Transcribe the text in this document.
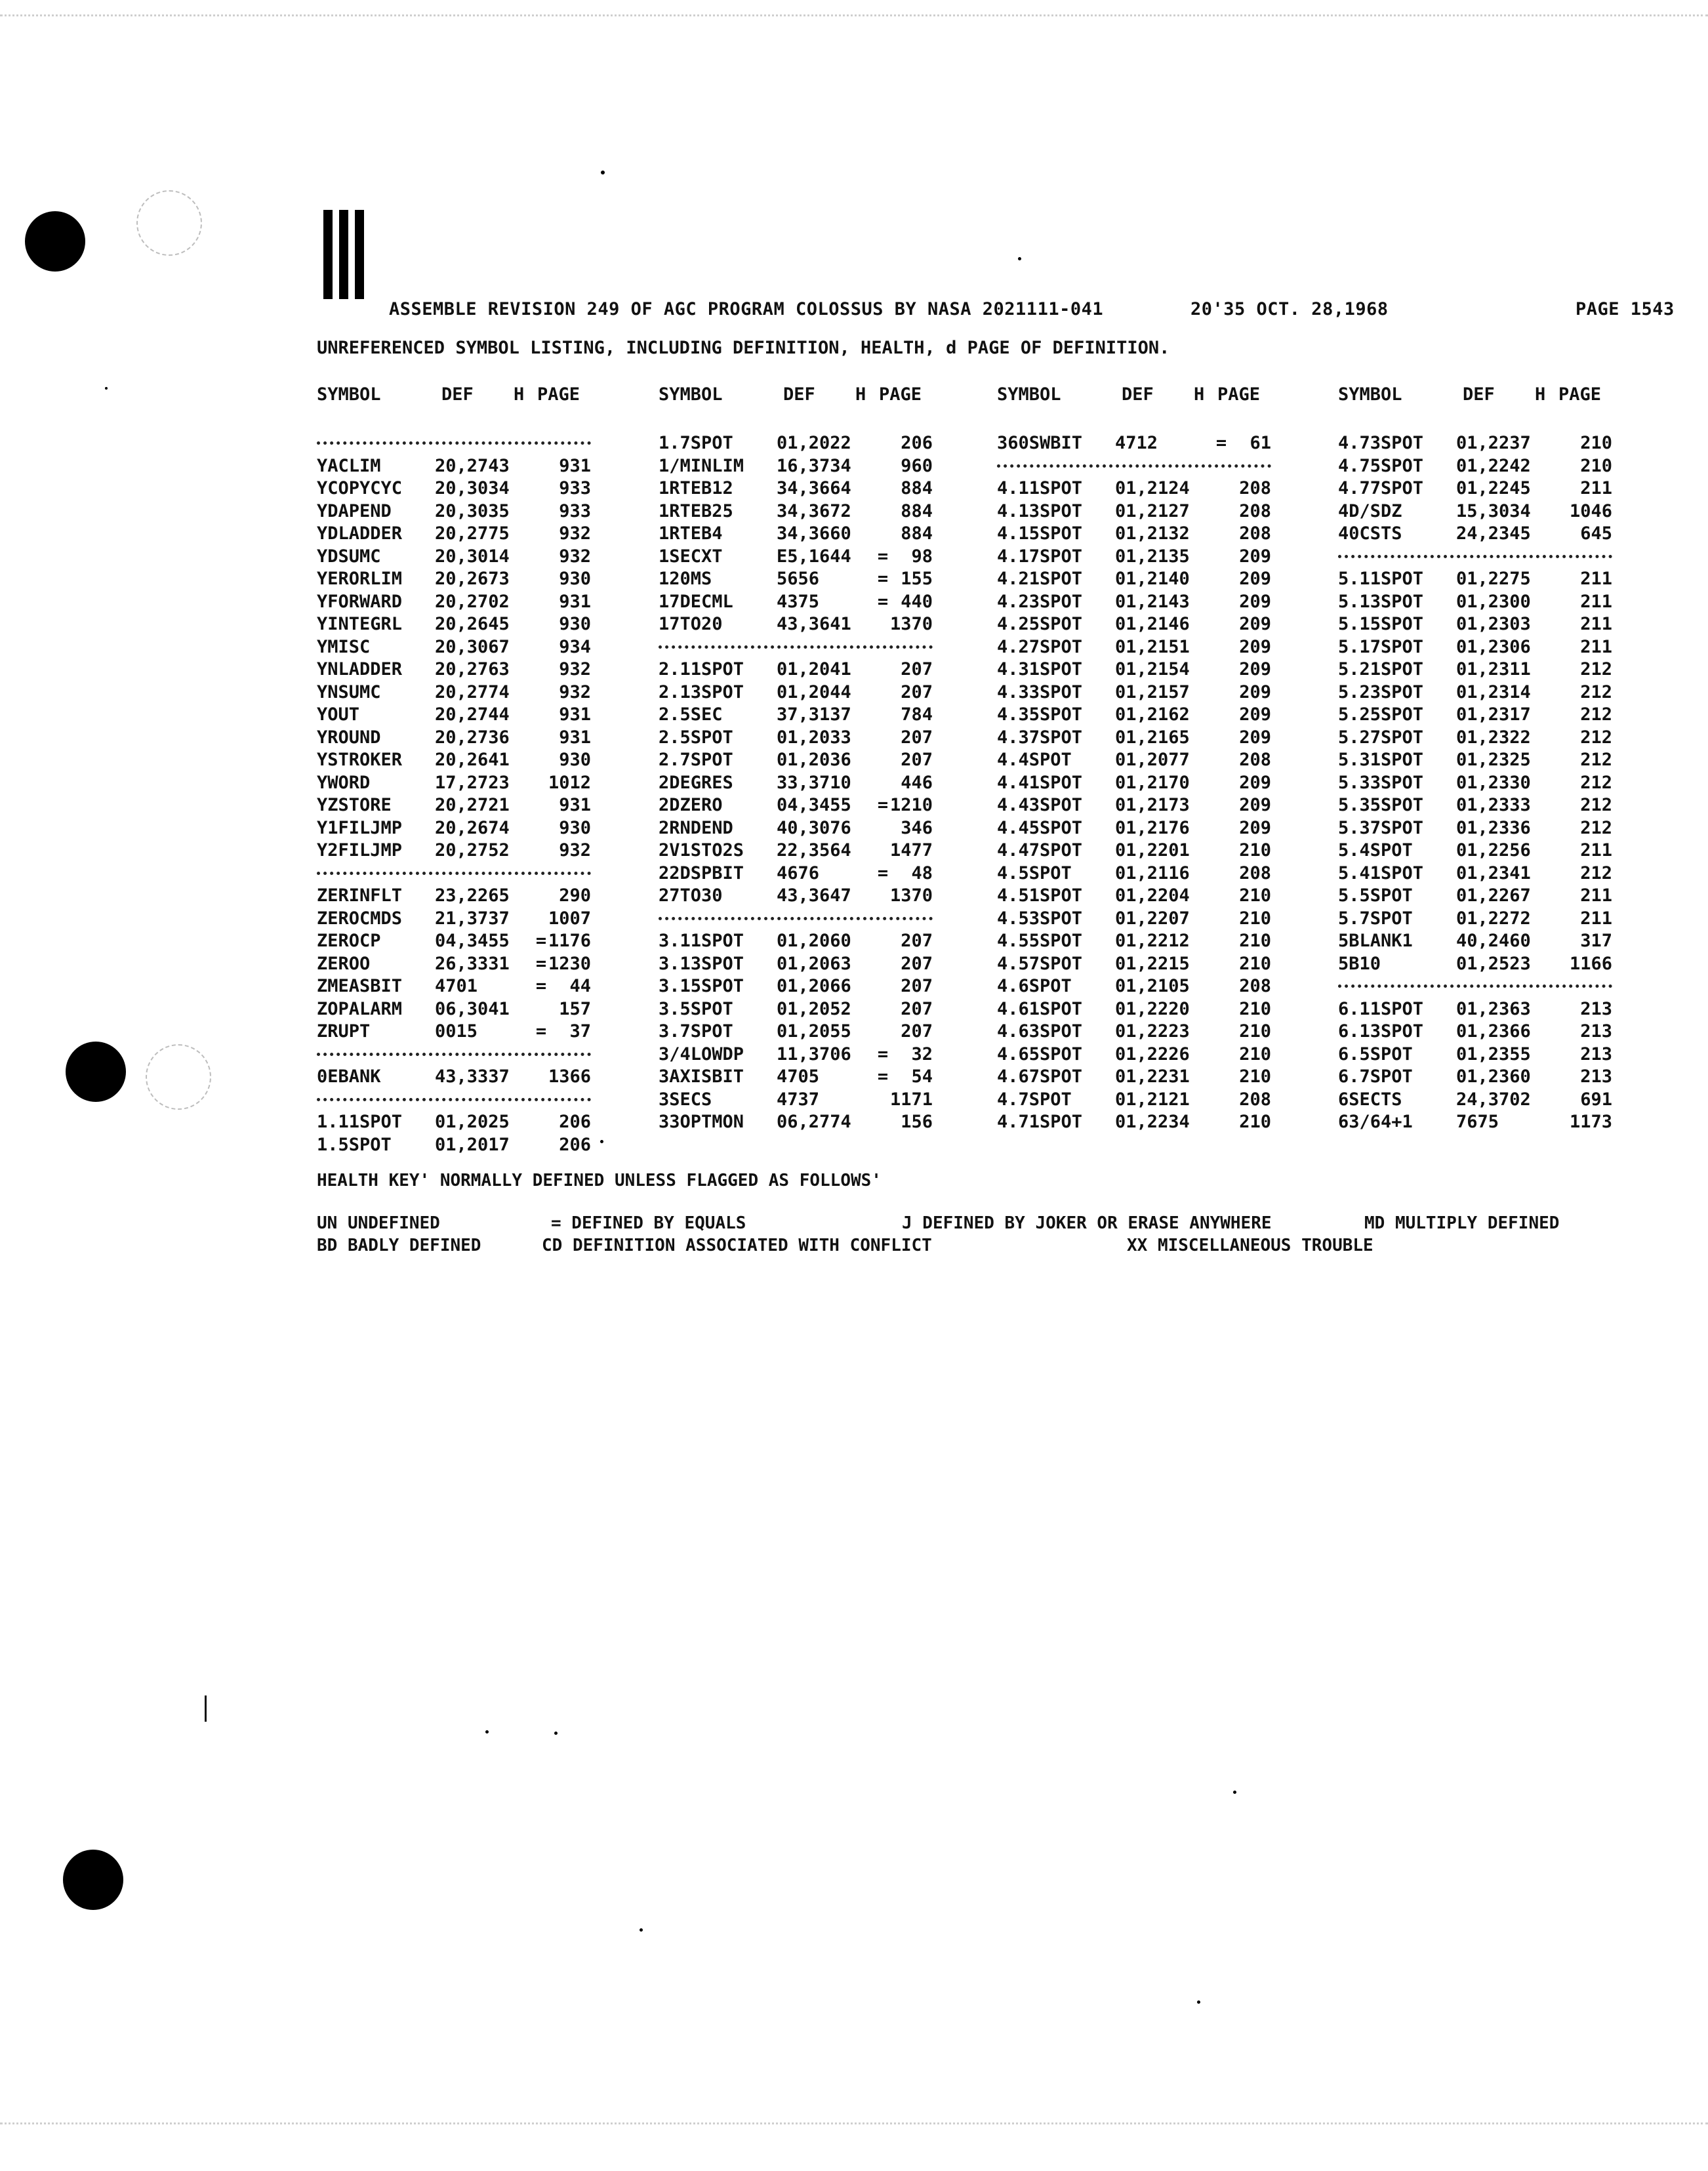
ASSEMBLE REVISION 249 OF AGC PROGRAM COLOSSUS BY NASA 2021111-041	20'35 OCT. 28,1968	PAGE 1543
UNREFERENCED SYMBOL LISTING, INCLUDING DEFINITION, HEALTH, d PAGE OF DEFINITION.
SYMBOL	DEF H PAGE
YACLIM	20,2743	931
YCOPYCYC 20,3034	933
YDAPEND 20,3035	933
YDLADDER 20,2775	932
YDSUMC	20,3014	932
YERORLIM 20,2673	930
YFORWARD 20,2702	931
YINTEGRL 20,2645	930
YMISC	20,3067	934
YNLADDER 20,2763	932
YNSUMC	20,2774	932
YOUT	20,2744	931
YROUND	20,2736	931
YSTROKER 20,2641	930
YWORD	17,2723 1012
YZSTORE 20,2721	931
Y1FILJMP 20,2674	930
Y2FILJMP 20,2752	932
ZERINFLT 23,2265	290
ZEROCMDS 21,3737 1007
ZEROCP	04,3455 = 1176
ZEROO	26,3331 = 1230
ZMEASBIT 4701	= 44
ZOPALARM 06,3041	157
ZRUPT	0015	= 37
0EBANK	43,3337 1366
1.11SPOT 01,2025	206
1.5SPOT 01,2017	206
SYMBOL	DEF H PAGE
1.7SPOT 01,2022	206
1/MINLIM 16,3734	960
1RTEB12 34,3664	884
1RTEB25 34,3672	884
1RTEB4	34,3660	884
1SECXT	E5,1644 = 98
120MS	5656	= 155
17DECML 4375	= 440
17TO20	43,3641 1370
2.11SPOT 01,2041	207
2.13SPOT 01,2044	207
2.5SEC	37,3137	784
2.5SPOT 01,2033	207
2.7SPOT 01,2036	207
2DEGRES 33,3710	446
2DZERO	04,3455 = 1210
2RNDEND 40,3076	346
2V1STO2S 22,3564 1477
22DSPBIT 4676	= 48
27TO30	43,3647 1370
3.11SPOT 01,2060	207
3.13SPOT 01,2063	207
3.15SPOT 01,2066	207
3.5SPOT 01,2052	207
3.7SPOT 01,2055	207
3/4LOWDP 11,3706 = 32
3AXISBIT 4705	= 54
3SECS	4737	1171
33OPTMON 06,2774	156
SYMBOL	DEF H PAGE
360SWBIT 4712	= 61
4.11SPOT 01,2124	208
4.13SPOT 01,2127	208
4.15SPOT 01,2132	208
4.17SPOT 01,2135	209
4.21SPOT 01,2140	209
4.23SPOT 01,2143	209
4.25SPOT 01,2146	209
4.27SPOT 01,2151	209
4.31SPOT 01,2154	209
4.33SPOT 01,2157	209
4.35SPOT 01,2162	209
4.37SPOT 01,2165	209
4.4SPOT 01,2077	208
4.41SPOT 01,2170	209
4.43SPOT 01,2173	209
4.45SPOT 01,2176	209
4.47SPOT 01,2201	210
4.5SPOT 01,2116	208
4.51SPOT 01,2204	210
4.53SPOT 01,2207	210
4.55SPOT 01,2212	210
4.57SPOT 01,2215	210
4.6SPOT 01,2105	208
4.61SPOT 01,2220	210
4.63SPOT 01,2223	210
4.65SPOT 01,2226	210
4.67SPOT 01,2231	210
4.7SPOT 01,2121	208
4.71SPOT 01,2234	210
SYMBOL	DEF H PAGE
4.73SPOT 01,2237	210
4.75SPOT 01,2242	210
4.77SPOT 01,2245	211
4D/SDZ	15,3034 1046
40CSTS	24,2345	645
5.11SPOT 01,2275	211
5.13SPOT 01,2300	211
5.15SPOT 01,2303	211
5.17SPOT 01,2306	211
5.21SPOT 01,2311	212
5.23SPOT 01,2314	212
5.25SPOT 01,2317	212
5.27SPOT 01,2322	212
5.31SPOT 01,2325	212
5.33SPOT 01,2330	212
5.35SPOT 01,2333	212
5.37SPOT 01,2336	212
5.4SPOT 01,2256	211
5.41SPOT 01,2341	212
5.5SPOT 01,2267	211
5.7SPOT 01,2272	211
5BLANK1 40,2460	317
5B10	01,2523 1166
6.11SPOT 01,2363	213
6.13SPOT 01,2366	213
6.5SPOT 01,2355	213
6.7SPOT 01,2360	213
6SECTS	24,3702	691
63/64+1 7675	1173
HEALTH KEY' NORMALLY DEFINED UNLESS FLAGGED AS FOLLOWS'
UN UNDEFINED	= DEFINED BY EQUALS	J DEFINED BY JOKER OR ERASE ANYWHERE	MD MULTIPLY DEFINED
BD BADLY DEFINED	CD DEFINITION ASSOCIATED WITH CONFLICT	XX MISCELLANEOUS TROUBLE
